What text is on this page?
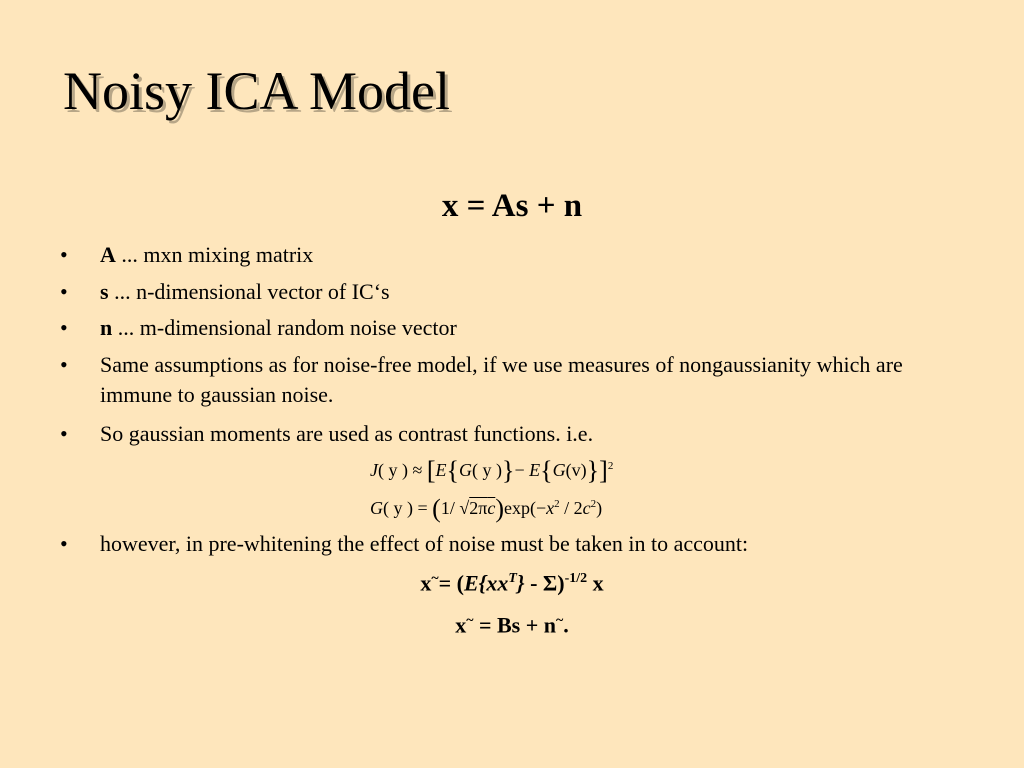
Noisy ICA Model
x = As + n
•	A ... mxn mixing matrix
•	s ... n-dimensional vector of IC‘s
•	n ... m-dimensional random noise vector
•	Same assumptions as for noise-free model, if we use measures of nongaussianity which are immune to gaussian noise.
•	So gaussian moments are used as contrast functions. i.e.
J( y ) ≈ [E{G( y )}− E{G(v)}]$^2$
G( y ) = (1/ $√2\pi\overline{c})\exp(-x^2 / 2c^2)$
•	however, in pre-whitening the effect of noise must be taken in to account:
$x^\sim= (E\{xx^T\} - \Sigma)^{-1/2}$ x
x~ = Bs + n~.
